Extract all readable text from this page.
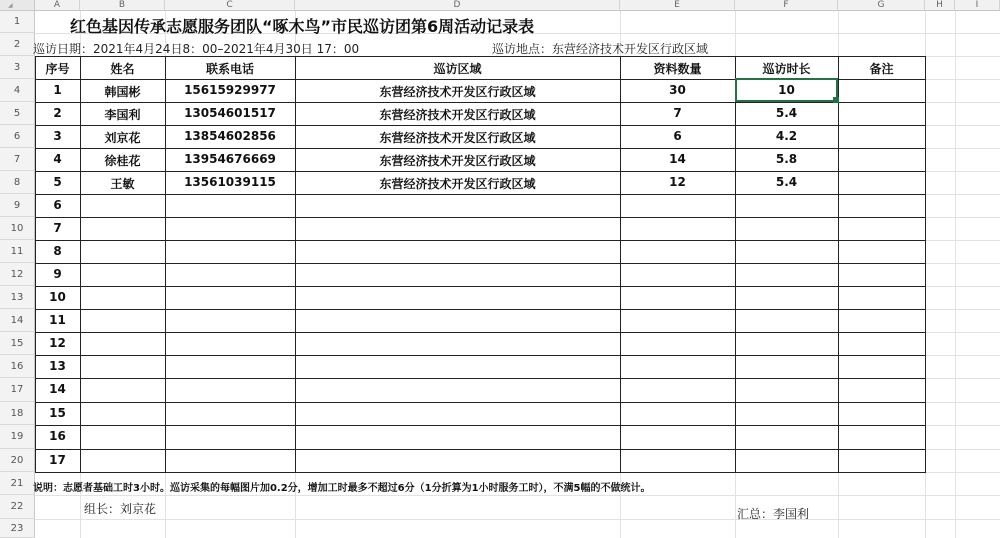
◢	A	B	C	D	E	F	G	H	I
1
2
3
4
5
6
7
8
9
10
11
12
13
14
15
16
17
18
19
20
21
22
23
红色基因传承志愿服务团队“啄木鸟”市民巡访团第6周活动记录表
巡访日期：2021年4月24日8：00–2021年4月30日 17：00	巡访地点：东营经济技术开发区行政区域
序号	姓名	联系电话	巡访区域	资料数量	巡访时长	备注
1	韩国彬	15615929977	东营经济技术开发区行政区域	30	10
2	李国利	13054601517	东营经济技术开发区行政区域	7	5.4
3	刘京花	13854602856	东营经济技术开发区行政区域	6	4.2
4	徐桂花	13954676669	东营经济技术开发区行政区域	14	5.8
5	王敏	13561039115	东营经济技术开发区行政区域	12	5.4
6
7
8
9
10
11
12
13
14
15
16
17
说明：志愿者基础工时3小时。巡访采集的每幅图片加0.2分，增加工时最多不超过6分（1分折算为1小时服务工时），不满5幅的不做统计。
组长：刘京花	汇总：李国利
